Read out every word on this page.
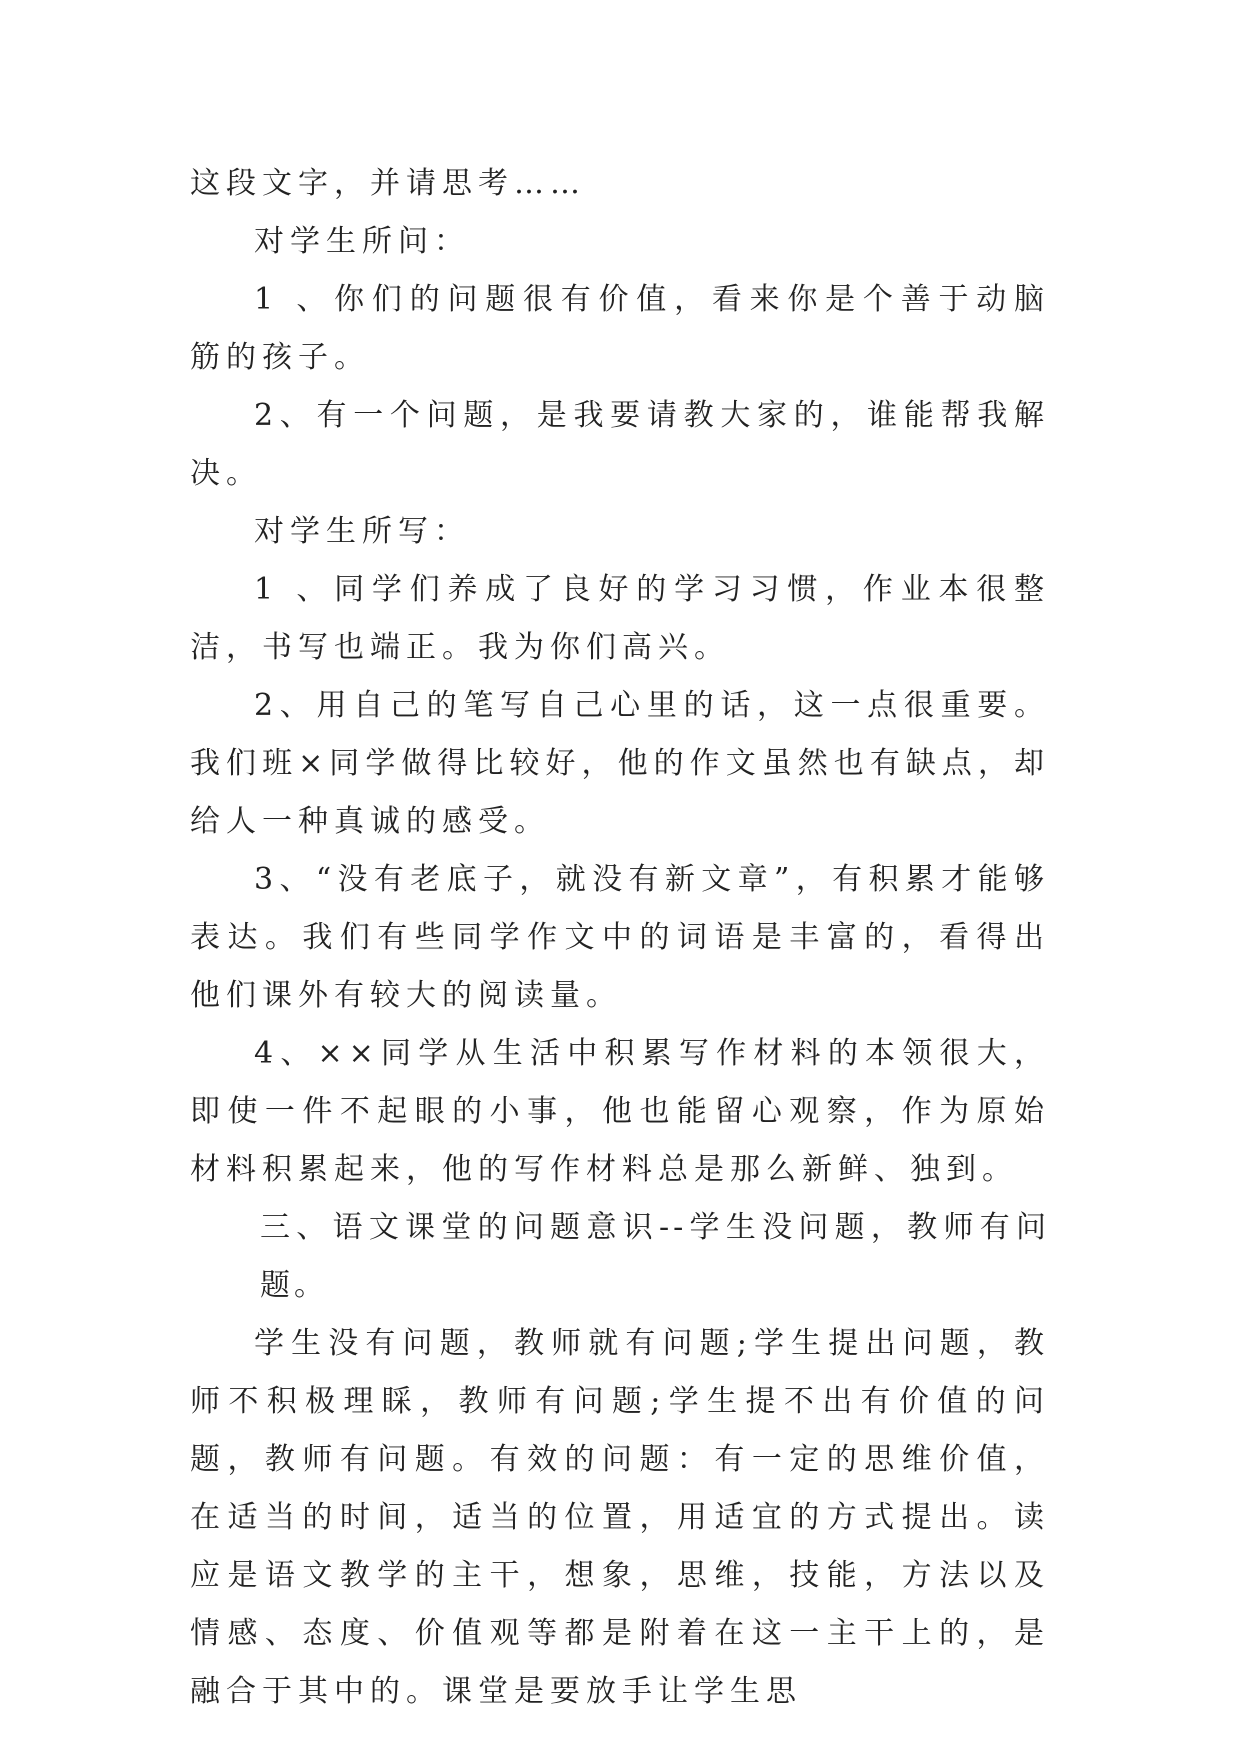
这段文字，并请思考……

对学生所问：

1 、你们的问题很有价值，看来你是个善于动脑筋的孩子。

2、有一个问题，是我要请教大家的，谁能帮我解决。

对学生所写：

1 、同学们养成了良好的学习习惯，作业本很整洁，书写也端正。我为你们高兴。

2、用自己的笔写自己心里的话，这一点很重要。我们班×同学做得比较好，他的作文虽然也有缺点，却给人一种真诚的感受。

3、“没有老底子，就没有新文章”，有积累才能够表达。我们有些同学作文中的词语是丰富的，看得出他们课外有较大的阅读量。

4、××同学从生活中积累写作材料的本领很大，即使一件不起眼的小事，他也能留心观察，作为原始材料积累起来，他的写作材料总是那么新鲜、独到。

三、语文课堂的问题意识--学生没问题，教师有问题。

学生没有问题，教师就有问题;学生提出问题，教师不积极理睬，教师有问题;学生提不出有价值的问题，教师有问题。有效的问题：有一定的思维价值，在适当的时间，适当的位置，用适宜的方式提出。读应是语文教学的主干，想象，思维，技能，方法以及情感、态度、价值观等都是附着在这一主干上的，是融合于其中的。课堂是要放手让学生思
